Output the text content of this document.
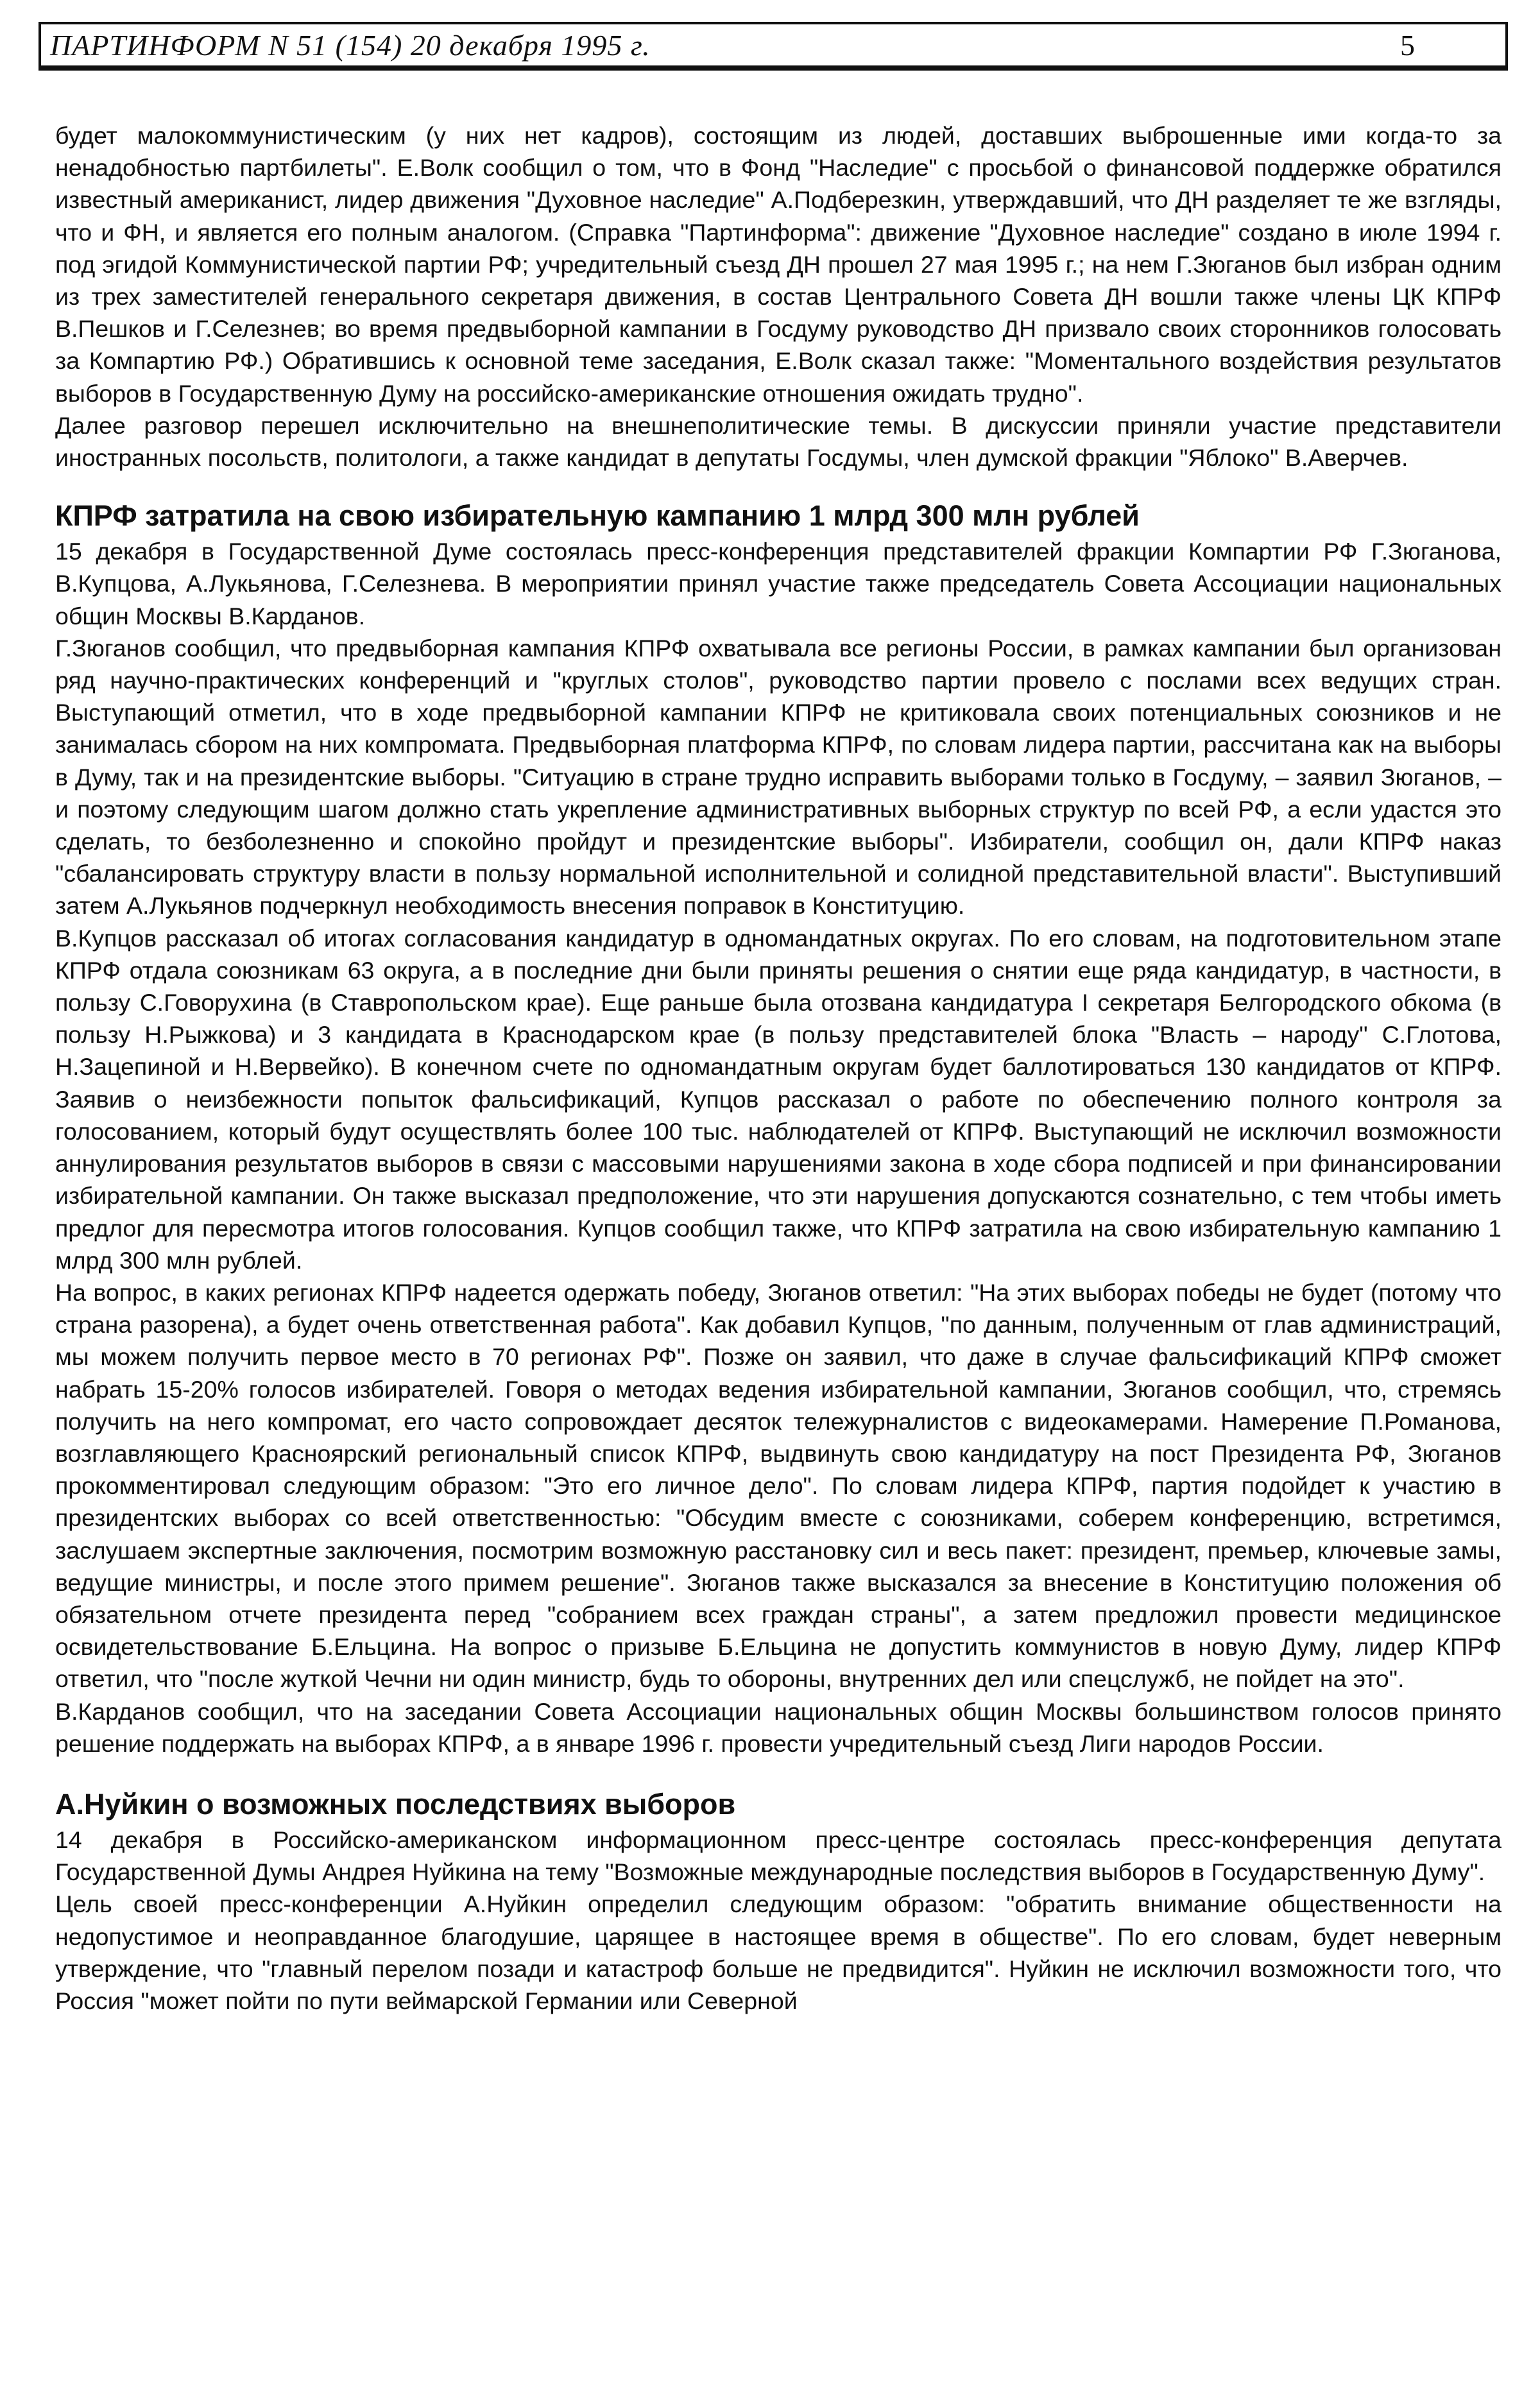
ПАРТИНФОРМ N 51 (154) 20 декабря 1995 г.	5

будет малокоммунистическим (у них нет кадров), состоящим из людей, доставших выброшенные ими когда-то за ненадобностью партбилеты". Е.Волк сообщил о том, что в Фонд "Наследие" с просьбой о финансовой поддержке обратился известный американист, лидер движения "Духовное наследие" А.Подберезкин, утверждавший, что ДН разделяет те же взгляды, что и ФН, и является его полным аналогом. (Справка "Партинформа": движение "Духовное наследие" создано в июле 1994 г. под эгидой Коммунистической партии РФ; учредительный съезд ДН прошел 27 мая 1995 г.; на нем Г.Зюганов был избран одним из трех заместителей генерального секретаря движения, в состав Центрального Совета ДН вошли также члены ЦК КПРФ В.Пешков и Г.Селезнев; во время предвыборной кампании в Госдуму руководство ДН призвало своих сторонников голосовать за Компартию РФ.) Обратившись к основной теме заседания, Е.Волк сказал также: "Моментального воздействия результатов выборов в Государственную Думу на российско-американские отношения ожидать трудно".

Далее разговор перешел исключительно на внешнеполитические темы. В дискуссии приняли участие представители иностранных посольств, политологи, а также кандидат в депутаты Госдумы, член думской фракции "Яблоко" В.Аверчев.

КПРФ затратила на свою избирательную кампанию 1 млрд 300 млн рублей

15 декабря в Государственной Думе состоялась пресс-конференция представителей фракции Компартии РФ Г.Зюганова, В.Купцова, А.Лукьянова, Г.Селезнева. В мероприятии принял участие также председатель Совета Ассоциации национальных общин Москвы В.Карданов.

Г.Зюганов сообщил, что предвыборная кампания КПРФ охватывала все регионы России, в рамках кампании был организован ряд научно-практических конференций и "круглых столов", руководство партии провело с послами всех ведущих стран. Выступающий отметил, что в ходе предвыборной кампании КПРФ не критиковала своих потенциальных союзников и не занималась сбором на них компромата. Предвыборная платформа КПРФ, по словам лидера партии, рассчитана как на выборы в Думу, так и на президентские выборы. "Ситуацию в стране трудно исправить выборами только в Госдуму, – заявил Зюганов, – и поэтому следующим шагом должно стать укрепление административных выборных структур по всей РФ, а если удастся это сделать, то безболезненно и спокойно пройдут и президентские выборы". Избиратели, сообщил он, дали КПРФ наказ "сбалансировать структуру власти в пользу нормальной исполнительной и солидной представительной власти". Выступивший затем А.Лукьянов подчеркнул необходимость внесения поправок в Конституцию.

В.Купцов рассказал об итогах согласования кандидатур в одномандатных округах. По его словам, на подготовительном этапе КПРФ отдала союзникам 63 округа, а в последние дни были приняты решения о снятии еще ряда кандидатур, в частности, в пользу С.Говорухина (в Ставропольском крае). Еще раньше была отозвана кандидатура I секретаря Белгородского обкома (в пользу Н.Рыжкова) и 3 кандидата в Краснодарском крае (в пользу представителей блока "Власть – народу" С.Глотова, Н.Зацепиной и Н.Вервейко). В конечном счете по одномандатным округам будет баллотироваться 130 кандидатов от КПРФ. Заявив о неизбежности попыток фальсификаций, Купцов рассказал о работе по обеспечению полного контроля за голосованием, который будут осуществлять более 100 тыс. наблюдателей от КПРФ. Выступающий не исключил возможности аннулирования результатов выборов в связи с массовыми нарушениями закона в ходе сбора подписей и при финансировании избирательной кампании. Он также высказал предположение, что эти нарушения допускаются сознательно, с тем чтобы иметь предлог для пересмотра итогов голосования. Купцов сообщил также, что КПРФ затратила на свою избирательную кампанию 1 млрд 300 млн рублей.

На вопрос, в каких регионах КПРФ надеется одержать победу, Зюганов ответил: "На этих выборах победы не будет (потому что страна разорена), а будет очень ответственная работа". Как добавил Купцов, "по данным, полученным от глав администраций, мы можем получить первое место в 70 регионах РФ". Позже он заявил, что даже в случае фальсификаций КПРФ сможет набрать 15-20% голосов избирателей. Говоря о методах ведения избирательной кампании, Зюганов сообщил, что, стремясь получить на него компромат, его часто сопровождает десяток тележурналистов с видеокамерами. Намерение П.Романова, возглавляющего Красноярский региональный список КПРФ, выдвинуть свою кандидатуру на пост Президента РФ, Зюганов прокомментировал следующим образом: "Это его личное дело". По словам лидера КПРФ, партия подойдет к участию в президентских выборах со всей ответственностью: "Обсудим вместе с союзниками, соберем конференцию, встретимся, заслушаем экспертные заключения, посмотрим возможную расстановку сил и весь пакет: президент, премьер, ключевые замы, ведущие министры, и после этого примем решение". Зюганов также высказался за внесение в Конституцию положения об обязательном отчете президента перед "собранием всех граждан страны", а затем предложил провести медицинское освидетельствование Б.Ельцина. На вопрос о призыве Б.Ельцина не допустить коммунистов в новую Думу, лидер КПРФ ответил, что "после жуткой Чечни ни один министр, будь то обороны, внутренних дел или спецслужб, не пойдет на это".

В.Карданов сообщил, что на заседании Совета Ассоциации национальных общин Москвы большинством голосов принято решение поддержать на выборах КПРФ, а в январе 1996 г. провести учредительный съезд Лиги народов России.

А.Нуйкин о возможных последствиях выборов

14 декабря в Российско-американском информационном пресс-центре состоялась пресс-конференция депутата Государственной Думы Андрея Нуйкина на тему "Возможные международные последствия выборов в Государственную Думу".

Цель своей пресс-конференции А.Нуйкин определил следующим образом: "обратить внимание общественности на недопустимое и неоправданное благодушие, царящее в настоящее время в обществе". По его словам, будет неверным утверждение, что "главный перелом позади и катастроф больше не предвидится". Нуйкин не исключил возможности того, что Россия "может пойти по пути веймарской Германии или Северной
